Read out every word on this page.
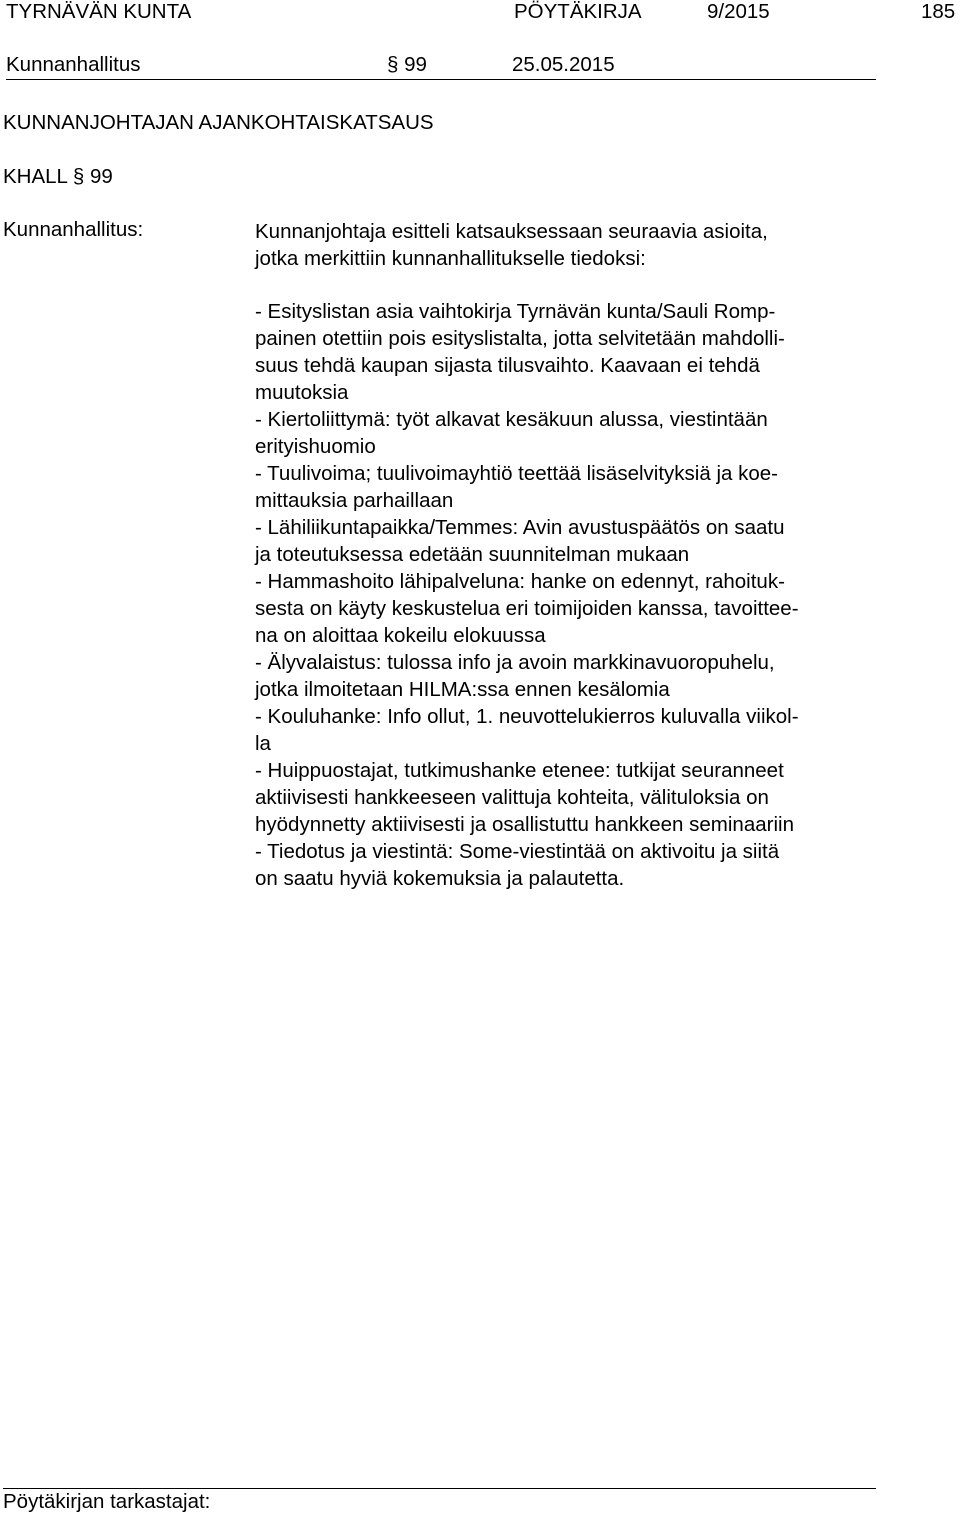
TYRNÄVÄN KUNTA	PÖYTÄKIRJA	9/2015	185
Kunnanhallitus	§ 99	25.05.2015
KUNNANJOHTAJAN AJANKOHTAISKATSAUS
KHALL § 99
Kunnanhallitus:	Kunnanjohtaja esitteli katsauksessaan seuraavia asioita,
jotka merkittiin kunnanhallitukselle tiedoksi:
- Esityslistan asia vaihtokirja Tyrnävän kunta/Sauli Romp-
painen otettiin pois esityslistalta, jotta selvitetään mahdolli-
suus tehdä kaupan sijasta tilusvaihto. Kaavaan ei tehdä
muutoksia
- Kiertoliittymä: työt alkavat kesäkuun alussa, viestintään
erityishuomio
- Tuulivoima; tuulivoimayhtiö teettää lisäselvityksiä ja koe-
mittauksia parhaillaan
- Lähiliikuntapaikka/Temmes: Avin avustuspäätös on saatu
ja toteutuksessa edetään suunnitelman mukaan
- Hammashoito lähipalveluna: hanke on edennyt, rahoituk-
sesta on käyty keskustelua eri toimijoiden kanssa, tavoittee-
na on aloittaa kokeilu elokuussa
- Älyvalaistus: tulossa info ja avoin markkinavuoropuhelu,
jotka ilmoitetaan HILMA:ssa ennen kesälomia
- Kouluhanke: Info ollut, 1. neuvottelukierros kuluvalla viikol-
la
- Huippuostajat, tutkimushanke etenee: tutkijat seuranneet
aktiivisesti hankkeeseen valittuja kohteita, välituloksia on
hyödynnetty aktiivisesti ja osallistuttu hankkeen seminaariin
- Tiedotus ja viestintä: Some-viestintää on aktivoitu ja siitä
on saatu hyviä kokemuksia ja palautetta.
Pöytäkirjan tarkastajat:
